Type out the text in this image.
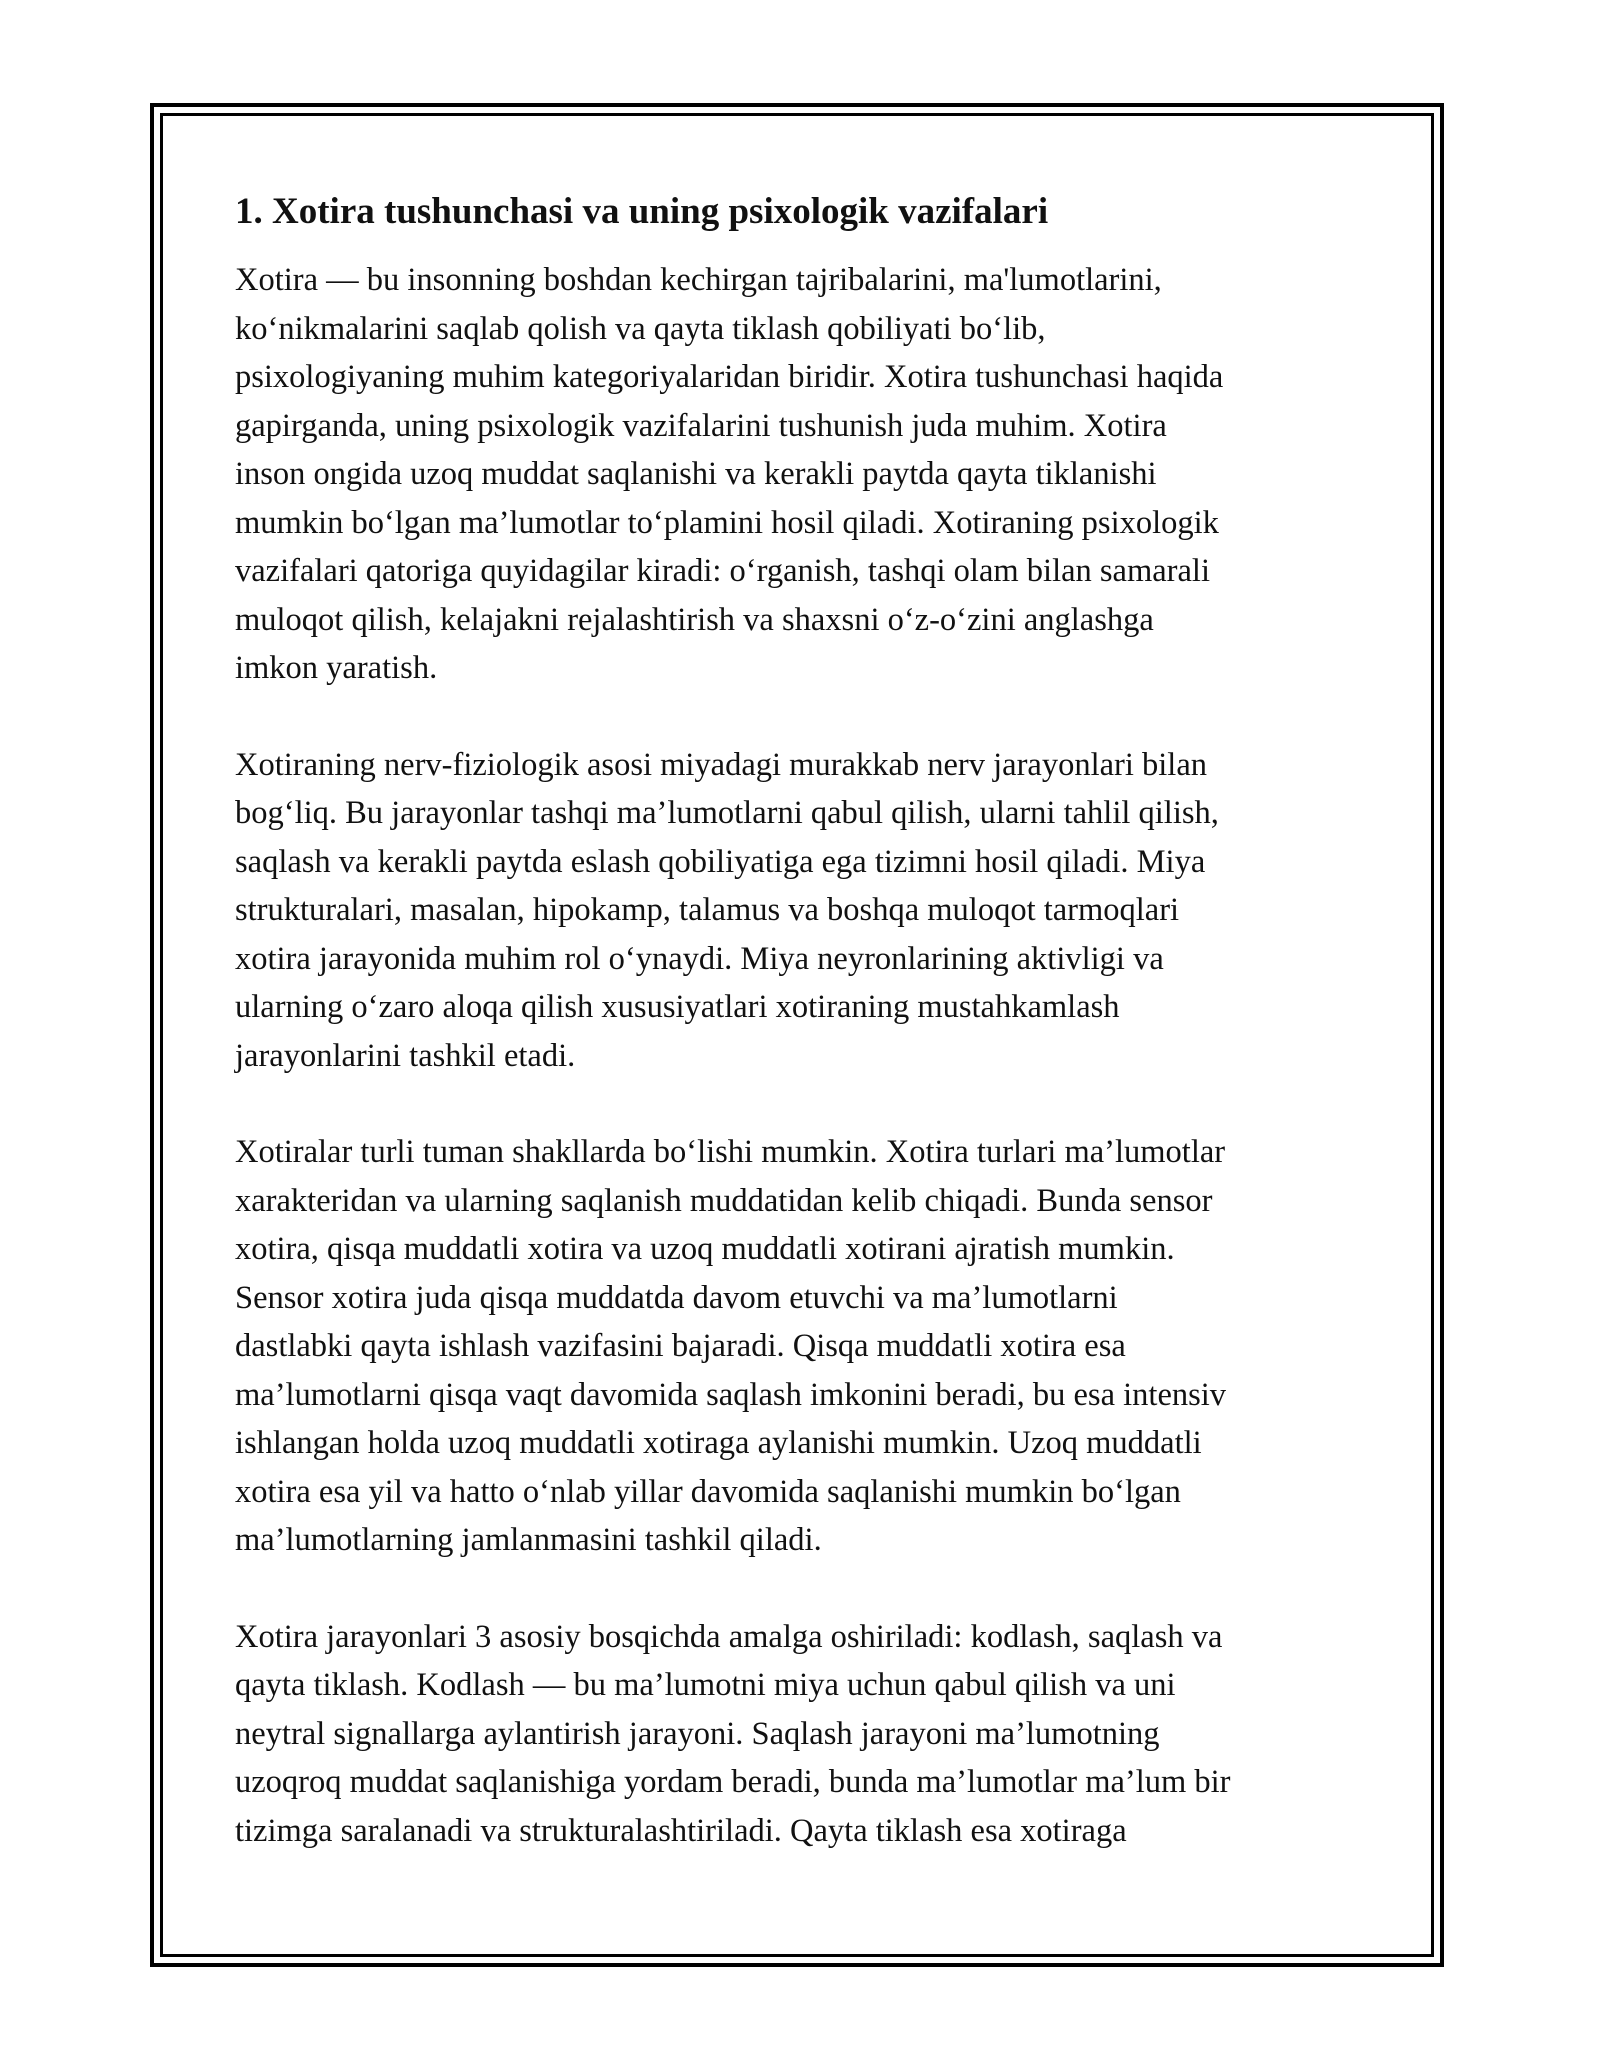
1. Xotira tushunchasi va uning psixologik vazifalari

Xotira — bu insonning boshdan kechirgan tajribalarini, ma'lumotlarini,
koʻnikmalarini saqlab qolish va qayta tiklash qobiliyati boʻlib,
psixologiyaning muhim kategoriyalaridan biridir. Xotira tushunchasi haqida
gapirganda, uning psixologik vazifalarini tushunish juda muhim. Xotira
inson ongida uzoq muddat saqlanishi va kerakli paytda qayta tiklanishi
mumkin boʻlgan ma’lumotlar toʻplamini hosil qiladi. Xotiraning psixologik
vazifalari qatoriga quyidagilar kiradi: oʻrganish, tashqi olam bilan samarali
muloqot qilish, kelajakni rejalashtirish va shaxsni oʻz-oʻzini anglashga
imkon yaratish.

Xotiraning nerv-fiziologik asosi miyadagi murakkab nerv jarayonlari bilan
bogʻliq. Bu jarayonlar tashqi ma’lumotlarni qabul qilish, ularni tahlil qilish,
saqlash va kerakli paytda eslash qobiliyatiga ega tizimni hosil qiladi. Miya
strukturalari, masalan, hipokamp, talamus va boshqa muloqot tarmoqlari
xotira jarayonida muhim rol oʻynaydi. Miya neyronlarining aktivligi va
ularning oʻzaro aloqa qilish xususiyatlari xotiraning mustahkamlash
jarayonlarini tashkil etadi.

Xotiralar turli tuman shakllarda boʻlishi mumkin. Xotira turlari ma’lumotlar
xarakteridan va ularning saqlanish muddatidan kelib chiqadi. Bunda sensor
xotira, qisqa muddatli xotira va uzoq muddatli xotirani ajratish mumkin.
Sensor xotira juda qisqa muddatda davom etuvchi va ma’lumotlarni
dastlabki qayta ishlash vazifasini bajaradi. Qisqa muddatli xotira esa
ma’lumotlarni qisqa vaqt davomida saqlash imkonini beradi, bu esa intensiv
ishlangan holda uzoq muddatli xotiraga aylanishi mumkin. Uzoq muddatli
xotira esa yil va hatto oʻnlab yillar davomida saqlanishi mumkin boʻlgan
ma’lumotlarning jamlanmasini tashkil qiladi.

Xotira jarayonlari 3 asosiy bosqichda amalga oshiriladi: kodlash, saqlash va
qayta tiklash. Kodlash — bu ma’lumotni miya uchun qabul qilish va uni
neytral signallarga aylantirish jarayoni. Saqlash jarayoni ma’lumotning
uzoqroq muddat saqlanishiga yordam beradi, bunda ma’lumotlar ma’lum bir
tizimga saralanadi va strukturalashtiriladi. Qayta tiklash esa xotiraga
